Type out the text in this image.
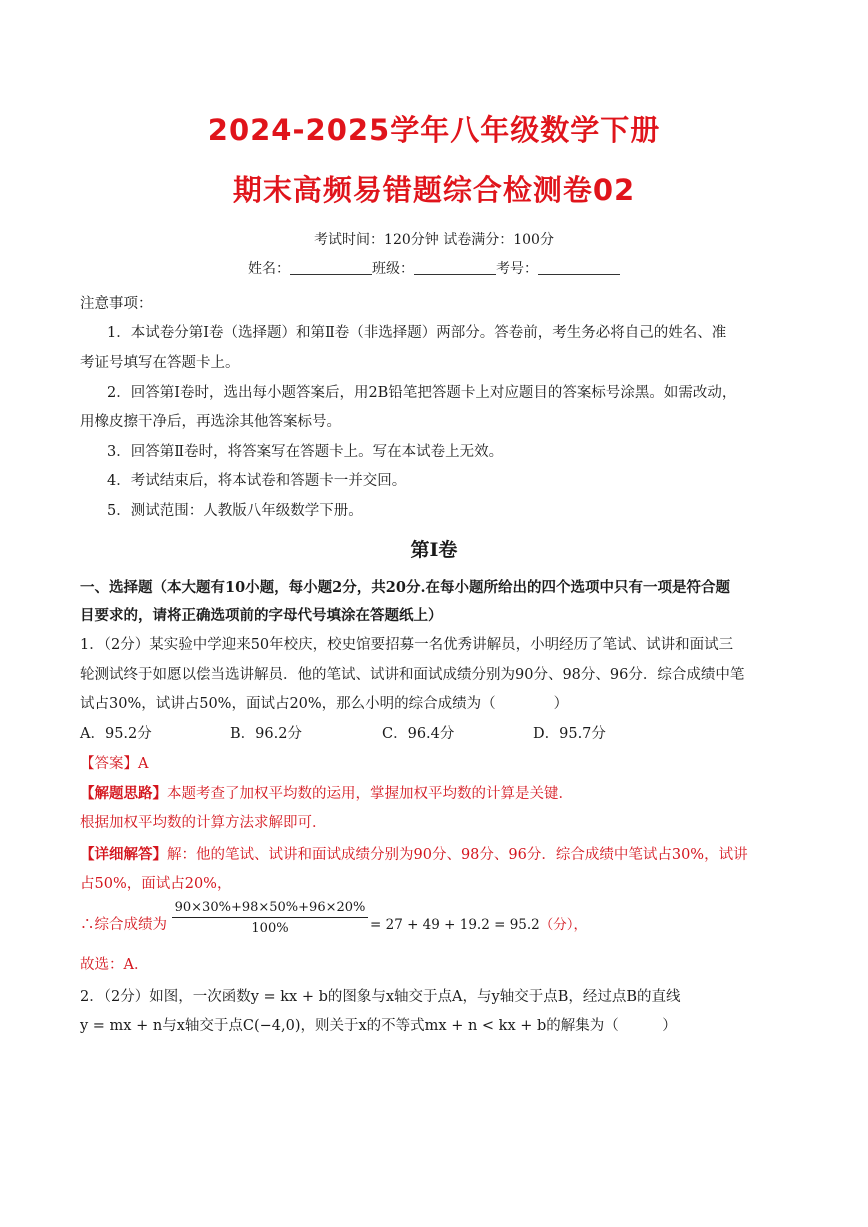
2024-2025学年八年级数学下册
期末高频易错题综合检测卷02
考试时间：120分钟 试卷满分：100分
姓名：	班级：	考号：
注意事项：
1．本试卷分第Ⅰ卷（选择题）和第Ⅱ卷（非选择题）两部分。答卷前，考生务必将自己的姓名、准
考证号填写在答题卡上。
2．回答第Ⅰ卷时，选出每小题答案后，用2B铅笔把答题卡上对应题目的答案标号涂黑。如需改动，
用橡皮擦干净后，再选涂其他答案标号。
3．回答第Ⅱ卷时，将答案写在答题卡上。写在本试卷上无效。
4．考试结束后，将本试卷和答题卡一并交回。
5．测试范围：人教版八年级数学下册。
第Ⅰ卷
一、选择题（本大题有10小题，每小题2分，共20分.在每小题所给出的四个选项中只有一项是符合题
目要求的，请将正确选项前的字母代号填涂在答题纸上）
1．（2分）某实验中学迎来50年校庆，校史馆要招募一名优秀讲解员，小明经历了笔试、试讲和面试三
轮测试终于如愿以偿当选讲解员．他的笔试、试讲和面试成绩分别为90分、98分、96分．综合成绩中笔
试占30%，试讲占50%，面试占20%，那么小明的综合成绩为（　　　　）
A．95.2分	B．96.2分	C．96.4分	D．95.7分
【答案】A
【解题思路】本题考查了加权平均数的运用，掌握加权平均数的计算是关键．
根据加权平均数的计算方法求解即可．
【详细解答】解：他的笔试、试讲和面试成绩分别为90分、98分、96分．综合成绩中笔试占30%，试讲
占50%，面试占20%，
∴综合成绩为 $\frac{90\times 30\%+98\times 50\%+96\times 20\%}{100\%} = 27 + 49 + 19.2 = 95.2$（分），
故选：A．
2．（2分）如图，一次函数y = kx + b的图象与x轴交于点A，与y轴交于点B，经过点B的直线
y = mx + n与x轴交于点C(−4,0)，则关于x的不等式mx + n < kx + b的解集为（　　　）
